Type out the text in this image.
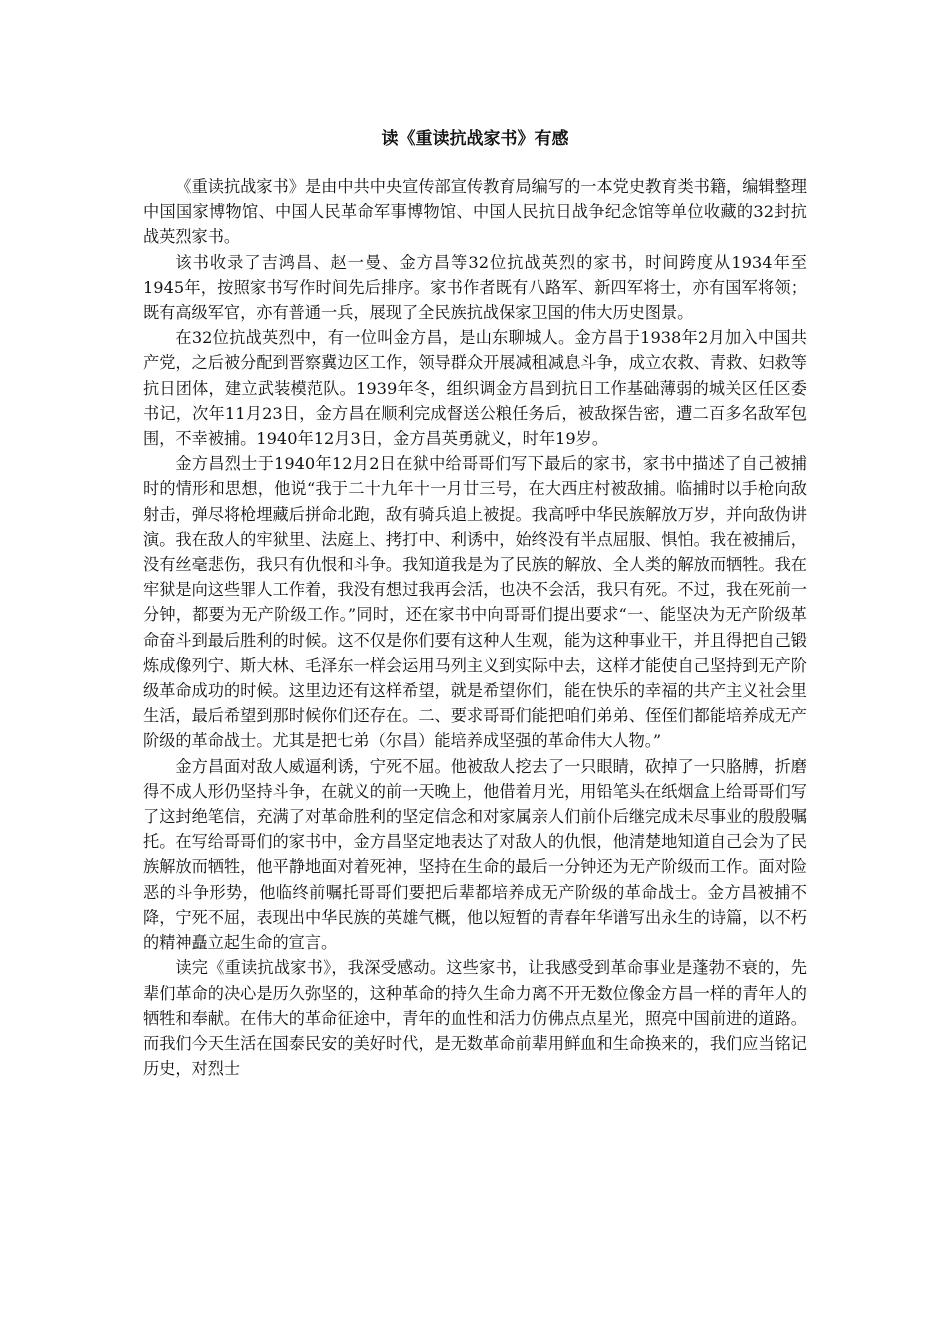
读《重读抗战家书》有感

《重读抗战家书》是由中共中央宣传部宣传教育局编写的一本党史教育类书籍，编辑整理中国国家博物馆、中国人民革命军事博物馆、中国人民抗日战争纪念馆等单位收藏的32封抗战英烈家书。

该书收录了吉鸿昌、赵一曼、金方昌等32位抗战英烈的家书，时间跨度从1934年至1945年，按照家书写作时间先后排序。家书作者既有八路军、新四军将士，亦有国军将领；既有高级军官，亦有普通一兵，展现了全民族抗战保家卫国的伟大历史图景。

在32位抗战英烈中，有一位叫金方昌，是山东聊城人。金方昌于1938年2月加入中国共产党，之后被分配到晋察冀边区工作，领导群众开展减租减息斗争，成立农救、青救、妇救等抗日团体，建立武装模范队。1939年冬，组织调金方昌到抗日工作基础薄弱的城关区任区委书记，次年11月23日，金方昌在顺利完成督送公粮任务后，被敌探告密，遭二百多名敌军包围，不幸被捕。1940年12月3日，金方昌英勇就义，时年19岁。

金方昌烈士于1940年12月2日在狱中给哥哥们写下最后的家书，家书中描述了自己被捕时的情形和思想，他说“我于二十九年十一月廿三号，在大西庄村被敌捕。临捕时以手枪向敌射击，弹尽将枪埋藏后拼命北跑，敌有骑兵追上被捉。我高呼中华民族解放万岁，并向敌伪讲演。我在敌人的牢狱里、法庭上、拷打中、利诱中，始终没有半点屈服、惧怕。我在被捕后，没有丝毫悲伤，我只有仇恨和斗争。我知道我是为了民族的解放、全人类的解放而牺牲。我在牢狱是向这些罪人工作着，我没有想过我再会活，也决不会活，我只有死。不过，我在死前一分钟，都要为无产阶级工作。”同时，还在家书中向哥哥们提出要求“一、能坚决为无产阶级革命奋斗到最后胜利的时候。这不仅是你们要有这种人生观，能为这种事业干，并且得把自己锻炼成像列宁、斯大林、毛泽东一样会运用马列主义到实际中去，这样才能使自己坚持到无产阶级革命成功的时候。这里边还有这样希望，就是希望你们，能在快乐的幸福的共产主义社会里生活，最后希望到那时候你们还存在。二、要求哥哥们能把咱们弟弟、侄侄们都能培养成无产阶级的革命战士。尤其是把七弟（尔昌）能培养成坚强的革命伟大人物。”

金方昌面对敌人威逼利诱，宁死不屈。他被敌人挖去了一只眼睛，砍掉了一只胳膊，折磨得不成人形仍坚持斗争，在就义的前一天晚上，他借着月光，用铅笔头在纸烟盒上给哥哥们写了这封绝笔信，充满了对革命胜利的坚定信念和对家属亲人们前仆后继完成未尽事业的殷殷嘱托。在写给哥哥们的家书中，金方昌坚定地表达了对敌人的仇恨，他清楚地知道自己会为了民族解放而牺牲，他平静地面对着死神，坚持在生命的最后一分钟还为无产阶级而工作。面对险恶的斗争形势，他临终前嘱托哥哥们要把后辈都培养成无产阶级的革命战士。金方昌被捕不降，宁死不屈，表现出中华民族的英雄气概，他以短暂的青春年华谱写出永生的诗篇，以不朽的精神矗立起生命的宣言。

读完《重读抗战家书》，我深受感动。这些家书，让我感受到革命事业是蓬勃不衰的，先辈们革命的决心是历久弥坚的，这种革命的持久生命力离不开无数位像金方昌一样的青年人的牺牲和奉献。在伟大的革命征途中，青年的血性和活力仿佛点点星光，照亮中国前进的道路。而我们今天生活在国泰民安的美好时代，是无数革命前辈用鲜血和生命换来的，我们应当铭记历史，对烈士
